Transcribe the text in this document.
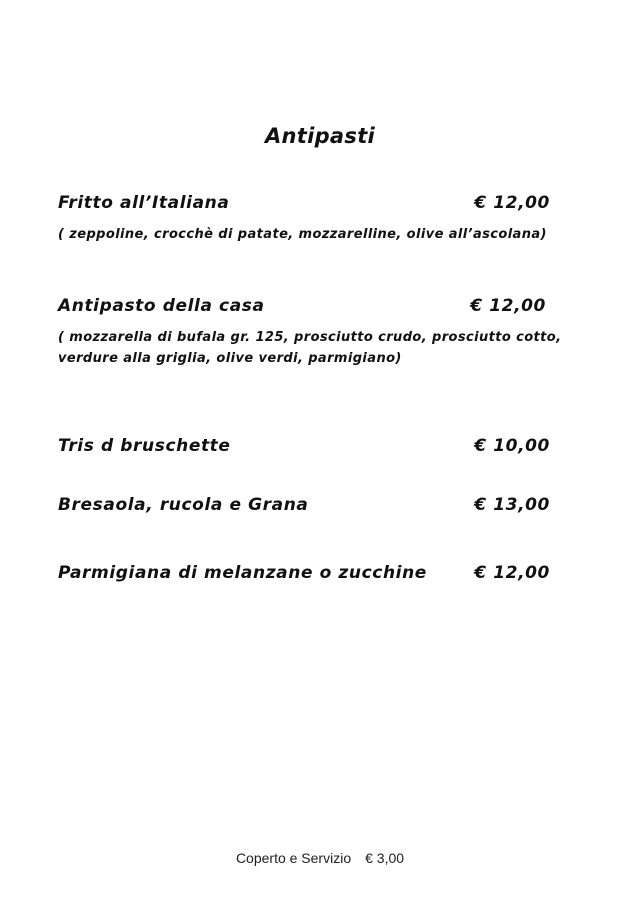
Antipasti
Fritto all’Italiana	€ 12,00
( zeppoline, crocchè di patate, mozzarelline, olive all’ascolana)
Antipasto della casa	€ 12,00
( mozzarella di bufala gr. 125, prosciutto crudo, prosciutto cotto, verdure alla griglia, olive verdi, parmigiano)
Tris d bruschette	€ 10,00
Bresaola, rucola e Grana	€ 13,00
Parmigiana di melanzane o zucchine	€ 12,00
Coperto e Servizio € 3,00
